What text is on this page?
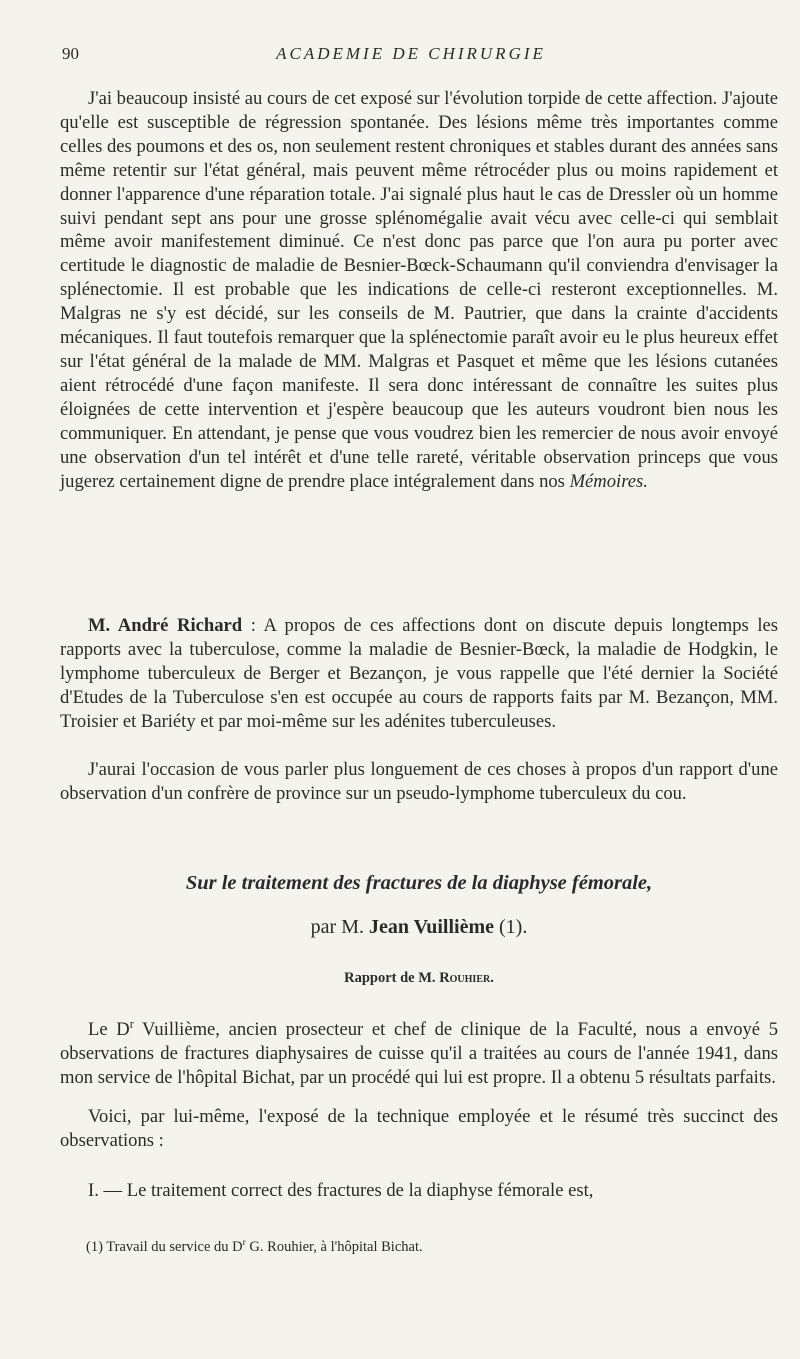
90	ACADEMIE DE CHIRURGIE

J'ai beaucoup insisté au cours de cet exposé sur l'évolution torpide de cette affection. J'ajoute qu'elle est susceptible de régression spontanée. Des lésions même très importantes comme celles des poumons et des os, non seulement restent chroniques et stables durant des années sans même retentir sur l'état général, mais peuvent même rétrocéder plus ou moins rapidement et donner l'apparence d'une réparation totale. J'ai signalé plus haut le cas de Dressler où un homme suivi pendant sept ans pour une grosse splénomégalie avait vécu avec celle-ci qui semblait même avoir manifestement diminué. Ce n'est donc pas parce que l'on aura pu porter avec certitude le diagnostic de maladie de Besnier-Bœck-Schaumann qu'il conviendra d'envisager la splénectomie. Il est probable que les indications de celle-ci resteront exceptionnelles. M. Malgras ne s'y est décidé, sur les conseils de M. Pautrier, que dans la crainte d'accidents mécaniques. Il faut toutefois remarquer que la splénectomie paraît avoir eu le plus heureux effet sur l'état général de la malade de MM. Malgras et Pasquet et même que les lésions cutanées aient rétrocédé d'une façon manifeste. Il sera donc intéressant de connaître les suites plus éloignées de cette intervention et j'espère beaucoup que les auteurs voudront bien nous les communiquer. En attendant, je pense que vous voudrez bien les remercier de nous avoir envoyé une observation d'un tel intérêt et d'une telle rareté, véritable observation princeps que vous jugerez certainement digne de prendre place intégralement dans nos Mémoires.

M. André Richard : A propos de ces affections dont on discute depuis longtemps les rapports avec la tuberculose, comme la maladie de Besnier-Bœck, la maladie de Hodgkin, le lymphome tuberculeux de Berger et Bezançon, je vous rappelle que l'été dernier la Société d'Etudes de la Tuberculose s'en est occupée au cours de rapports faits par M. Bezançon, MM. Troisier et Bariéty et par moi-même sur les adénites tuberculeuses.

J'aurai l'occasion de vous parler plus longuement de ces choses à propos d'un rapport d'une observation d'un confrère de province sur un pseudo-lymphome tuberculeux du cou.

Sur le traitement des fractures de la diaphyse fémorale,
par M. Jean Vuillième (1).
Rapport de M. Rouhier.

Le $D^r$ Vuillième, ancien prosecteur et chef de clinique de la Faculté, nous a envoyé 5 observations de fractures diaphysaires de cuisse qu'il a traitées au cours de l'année 1941, dans mon service de l'hôpital Bichat, par un procédé qui lui est propre. Il a obtenu 5 résultats parfaits.

Voici, par lui-même, l'exposé de la technique employée et le résumé très succinct des observations :

I. — Le traitement correct des fractures de la diaphyse fémorale est,

(1) Travail du service du $D^r$ G. Rouhier, à l'hôpital Bichat.
